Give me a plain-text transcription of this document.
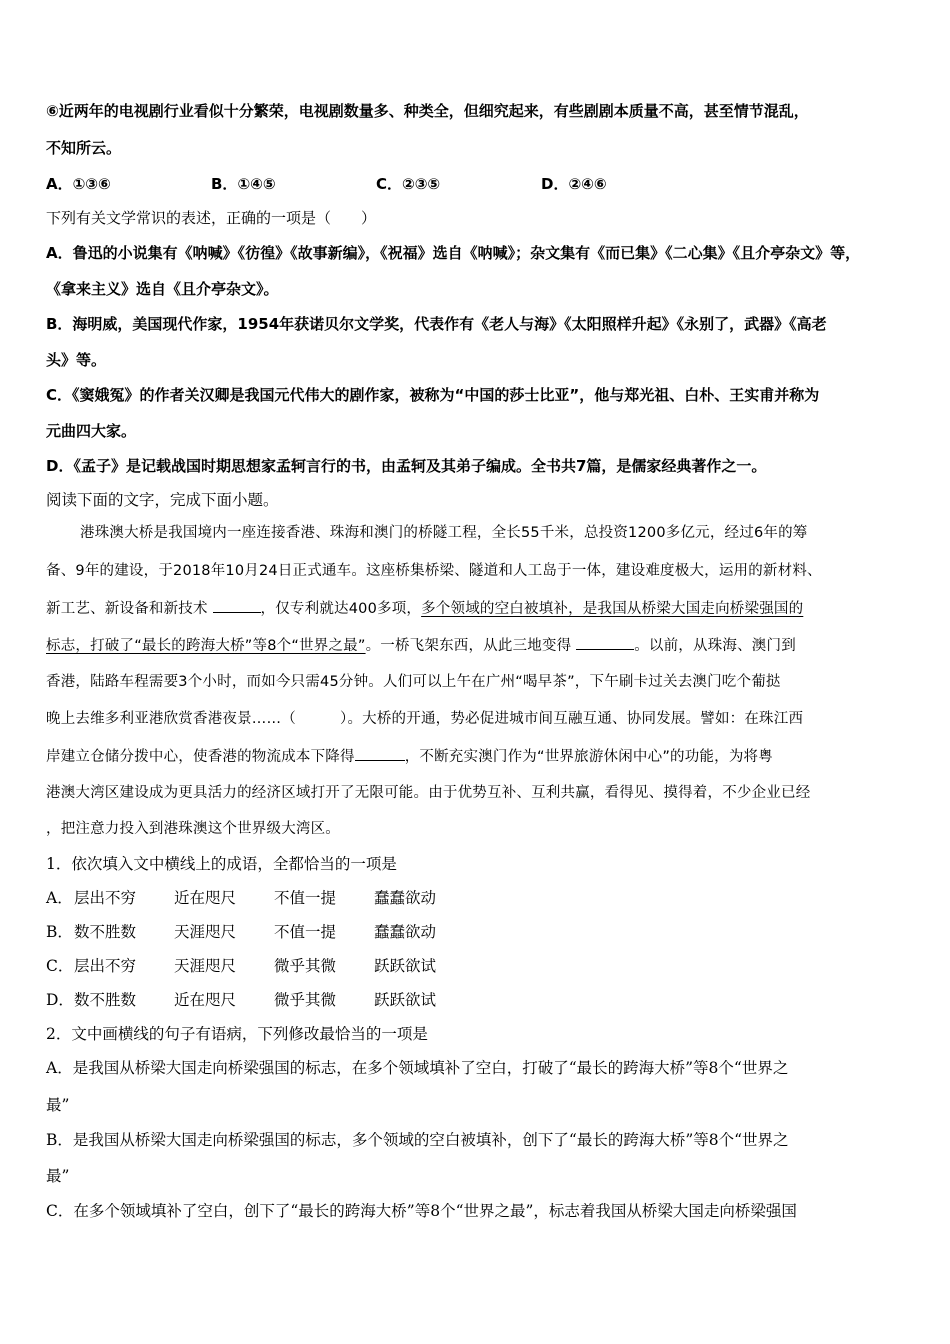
⑥近两年的电视剧行业看似十分繁荣，电视剧数量多、种类全，但细究起来，有些剧剧本质量不高，甚至情节混乱，
不知所云。
A．①③⑥	B．①④⑤	C．②③⑤	D．②④⑥
下列有关文学常识的表述，正确的一项是（　　）
A．鲁迅的小说集有《呐喊》《彷徨》《故事新编》，《祝福》选自《呐喊》；杂文集有《而已集》《二心集》《且介亭杂文》等，
《拿来主义》选自《且介亭杂文》。
B．海明威，美国现代作家，1954年获诺贝尔文学奖，代表作有《老人与海》《太阳照样升起》《永别了，武器》《高老
头》等。
C．《窦娥冤》的作者关汉卿是我国元代伟大的剧作家，被称为“中国的莎士比亚”，他与郑光祖、白朴、王实甫并称为
元曲四大家。
D．《孟子》是记载战国时期思想家孟轲言行的书，由孟轲及其弟子编成。全书共7篇，是儒家经典著作之一。
阅读下面的文字，完成下面小题。
港珠澳大桥是我国境内一座连接香港、珠海和澳门的桥隧工程，全长55千米，总投资1200多亿元，经过6年的筹
备、9年的建设，于2018年10月24日正式通车。这座桥集桥梁、隧道和人工岛于一体，建设难度极大，运用的新材料、
新工艺、新设备和新技术	，仅专利就达400多项，多个领域的空白被填补，是我国从桥梁大国走向桥梁强国的
标志，打破了“最长的跨海大桥”等8个“世界之最”。一桥飞架东西，从此三地变得	。以前，从珠海、澳门到
香港，陆路车程需要3个小时，而如今只需45分钟。人们可以上午在广州“喝早茶”，下午刷卡过关去澳门吃个葡挞
晚上去维多利亚港欣赏香港夜景……（　　　）。大桥的开通，势必促进城市间互融互通、协同发展。譬如：在珠江西
岸建立仓储分拨中心，使香港的物流成本下降得	，不断充实澳门作为“世界旅游休闲中心”的功能，为将粤
港澳大湾区建设成为更具活力的经济区域打开了无限可能。由于优势互补、互利共赢，看得见、摸得着，不少企业已经
，把注意力投入到港珠澳这个世界级大湾区。
1．依次填入文中横线上的成语，全都恰当的一项是
A．层出不穷 近在咫尺 不值一提 蠢蠢欲动
B．数不胜数 天涯咫尺 不值一提 蠢蠢欲动
C．层出不穷 天涯咫尺 微乎其微 跃跃欲试
D．数不胜数 近在咫尺 微乎其微 跃跃欲试
2．文中画横线的句子有语病，下列修改最恰当的一项是
A．是我国从桥梁大国走向桥梁强国的标志，在多个领域填补了空白，打破了“最长的跨海大桥”等8个“世界之
最”
B．是我国从桥梁大国走向桥梁强国的标志，多个领域的空白被填补，创下了“最长的跨海大桥”等8个“世界之
最”
C．在多个领域填补了空白，创下了“最长的跨海大桥”等8个“世界之最”，标志着我国从桥梁大国走向桥梁强国
